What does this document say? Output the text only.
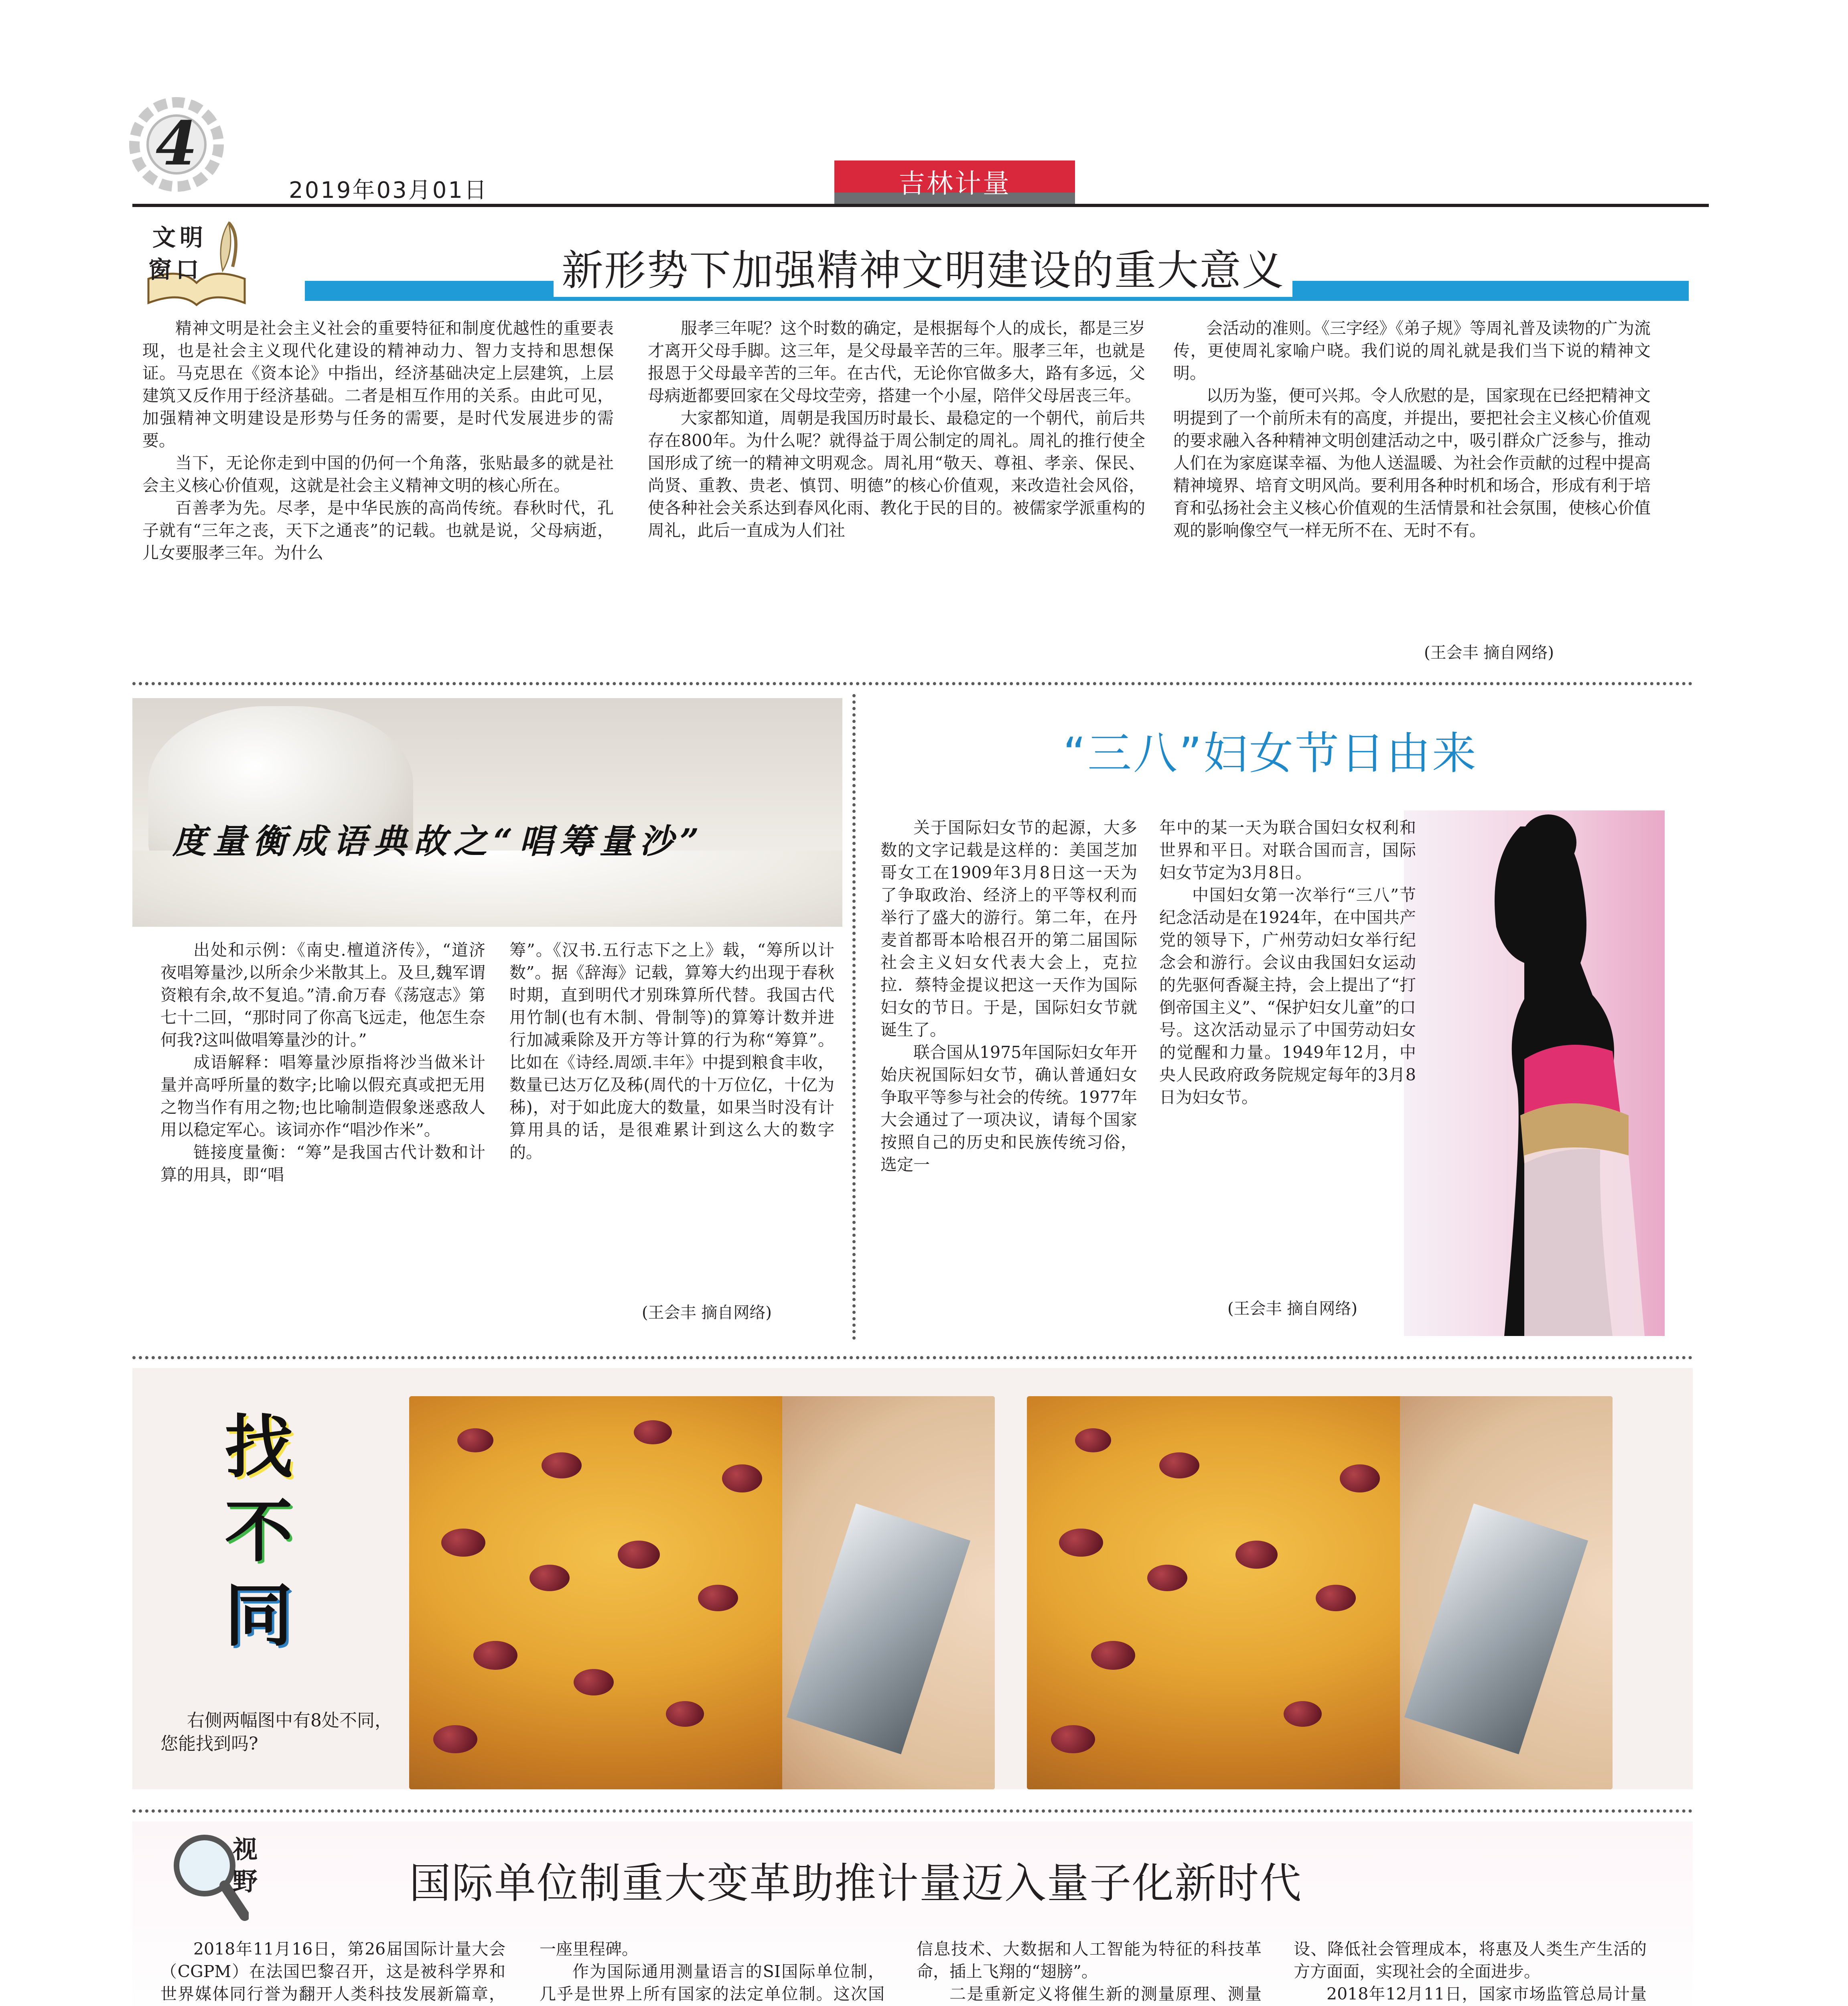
4
2019年03月01日	吉林计量
文明
窗口	新形势下加强精神文明建设的重大意义

精神文明是社会主义社会的重要特征和制度优越性的重要表现，也是社会主义现代化建设的精神动力、智力支持和思想保证。马克思在《资本论》中指出，经济基础决定上层建筑，上层建筑又反作用于经济基础。二者是相互作用的关系。由此可见，加强精神文明建设是形势与任务的需要，是时代发展进步的需要。

当下，无论你走到中国的仍何一个角落，张贴最多的就是社会主义核心价值观，这就是社会主义精神文明的核心所在。

百善孝为先。尽孝，是中华民族的高尚传统。春秋时代，孔子就有“三年之丧，天下之通丧”的记载。也就是说，父母病逝，儿女要服孝三年。为什么

服孝三年呢？这个时数的确定，是根据每个人的成长，都是三岁才离开父母手脚。这三年，是父母最辛苦的三年。服孝三年，也就是报恩于父母最辛苦的三年。在古代，无论你官做多大，路有多远，父母病逝都要回家在父母坟茔旁，搭建一个小屋，陪伴父母居丧三年。

大家都知道，周朝是我国历时最长、最稳定的一个朝代，前后共存在800年。为什么呢？就得益于周公制定的周礼。周礼的推行使全国形成了统一的精神文明观念。周礼用“敬天、尊祖、孝亲、保民、尚贤、重教、贵老、慎罚、明德”的核心价值观，来改造社会风俗，使各种社会关系达到春风化雨、教化于民的目的。被儒家学派重构的周礼，此后一直成为人们社

会活动的准则。《三字经》《弟子规》等周礼普及读物的广为流传，更使周礼家喻户晓。我们说的周礼就是我们当下说的精神文明。

以历为鉴，便可兴邦。令人欣慰的是，国家现在已经把精神文明提到了一个前所未有的高度，并提出，要把社会主义核心价值观的要求融入各种精神文明创建活动之中，吸引群众广泛参与，推动人们在为家庭谋幸福、为他人送温暖、为社会作贡献的过程中提高精神境界、培育文明风尚。要利用各种时机和场合，形成有利于培育和弘扬社会主义核心价值观的生活情景和社会氛围，使核心价值观的影响像空气一样无所不在、无时不有。

(王会丰 摘自网络)
度量衡成语典故之“唱筹量沙”

出处和示例：《南史.檀道济传》，“道济夜唱筹量沙,以所余少米散其上。及旦,魏军谓资粮有余,故不复追。”清.俞万春《荡寇志》第七十二回，“那时同了你高飞远走，他怎生奈何我?这叫做唱筹量沙的计。”

成语解释：唱筹量沙原指将沙当做米计量并高呼所量的数字;比喻以假充真或把无用之物当作有用之物;也比喻制造假象迷惑敌人用以稳定军心。该词亦作“唱沙作米”。

链接度量衡：“筹”是我国古代计数和计算的用具，即“唱

筹”。《汉书.五行志下之上》载，“筹所以计数”。据《辞海》记载，算筹大约出现于春秋时期，直到明代才别珠算所代替。我国古代用竹制(也有木制、骨制等)的算筹计数并进行加减乘除及开方等计算的行为称“筹算”。比如在《诗经.周颂.丰年》中提到粮食丰收，数量已达万亿及秭(周代的十万位亿，十亿为秭)，对于如此庞大的数量，如果当时没有计算用具的话，是很难累计到这么大的数字的。

(王会丰 摘自网络)
“三八”妇女节日由来

关于国际妇女节的起源，大多数的文字记载是这样的：美国芝加哥女工在1909年3月8日这一天为了争取政治、经济上的平等权利而举行了盛大的游行。第二年，在丹麦首都哥本哈根召开的第二届国际社会主义妇女代表大会上，克拉拉．蔡特金提议把这一天作为国际妇女的节日。于是，国际妇女节就诞生了。

联合国从1975年国际妇女年开始庆祝国际妇女节，确认普通妇女争取平等参与社会的传统。1977年大会通过了一项决议，请每个国家按照自己的历史和民族传统习俗，选定一

年中的某一天为联合国妇女权利和世界和平日。对联合国而言，国际妇女节定为3月8日。

中国妇女第一次举行“三八”节纪念活动是在1924年，在中国共产党的领导下，广州劳动妇女举行纪念会和游行。会议由我国妇女运动的先驱何香凝主持，会上提出了“打倒帝国主义”、“保护妇女儿童”的口号。这次活动显示了中国劳动妇女的觉醒和力量。1949年12月，中央人民政府政务院规定每年的3月8日为妇女节。

(王会丰 摘自网络)
找
不
同
右侧两幅图中有8处不同，您能找到吗?
视
野	国际单位制重大变革助推计量迈入量子化新时代

2018年11月16日，第26届国际计量大会（CGPM）在法国巴黎召开，这是被科学界和世界媒体同行誉为翻开人类科技发展新篇章，

一座里程碑。

作为国际通用测量语言的SI国际单位制，几乎是世界上所有国家的法定单位制。这次国

信息技术、大数据和人工智能为特征的科技革命，插上飞翔的“翅膀”。

二是重新定义将催生新的测量原理、测量

设、降低社会管理成本，将惠及人类生产生活的方方面面，实现社会的全面进步。

2018年12月11日，国家市场监管总局计量
